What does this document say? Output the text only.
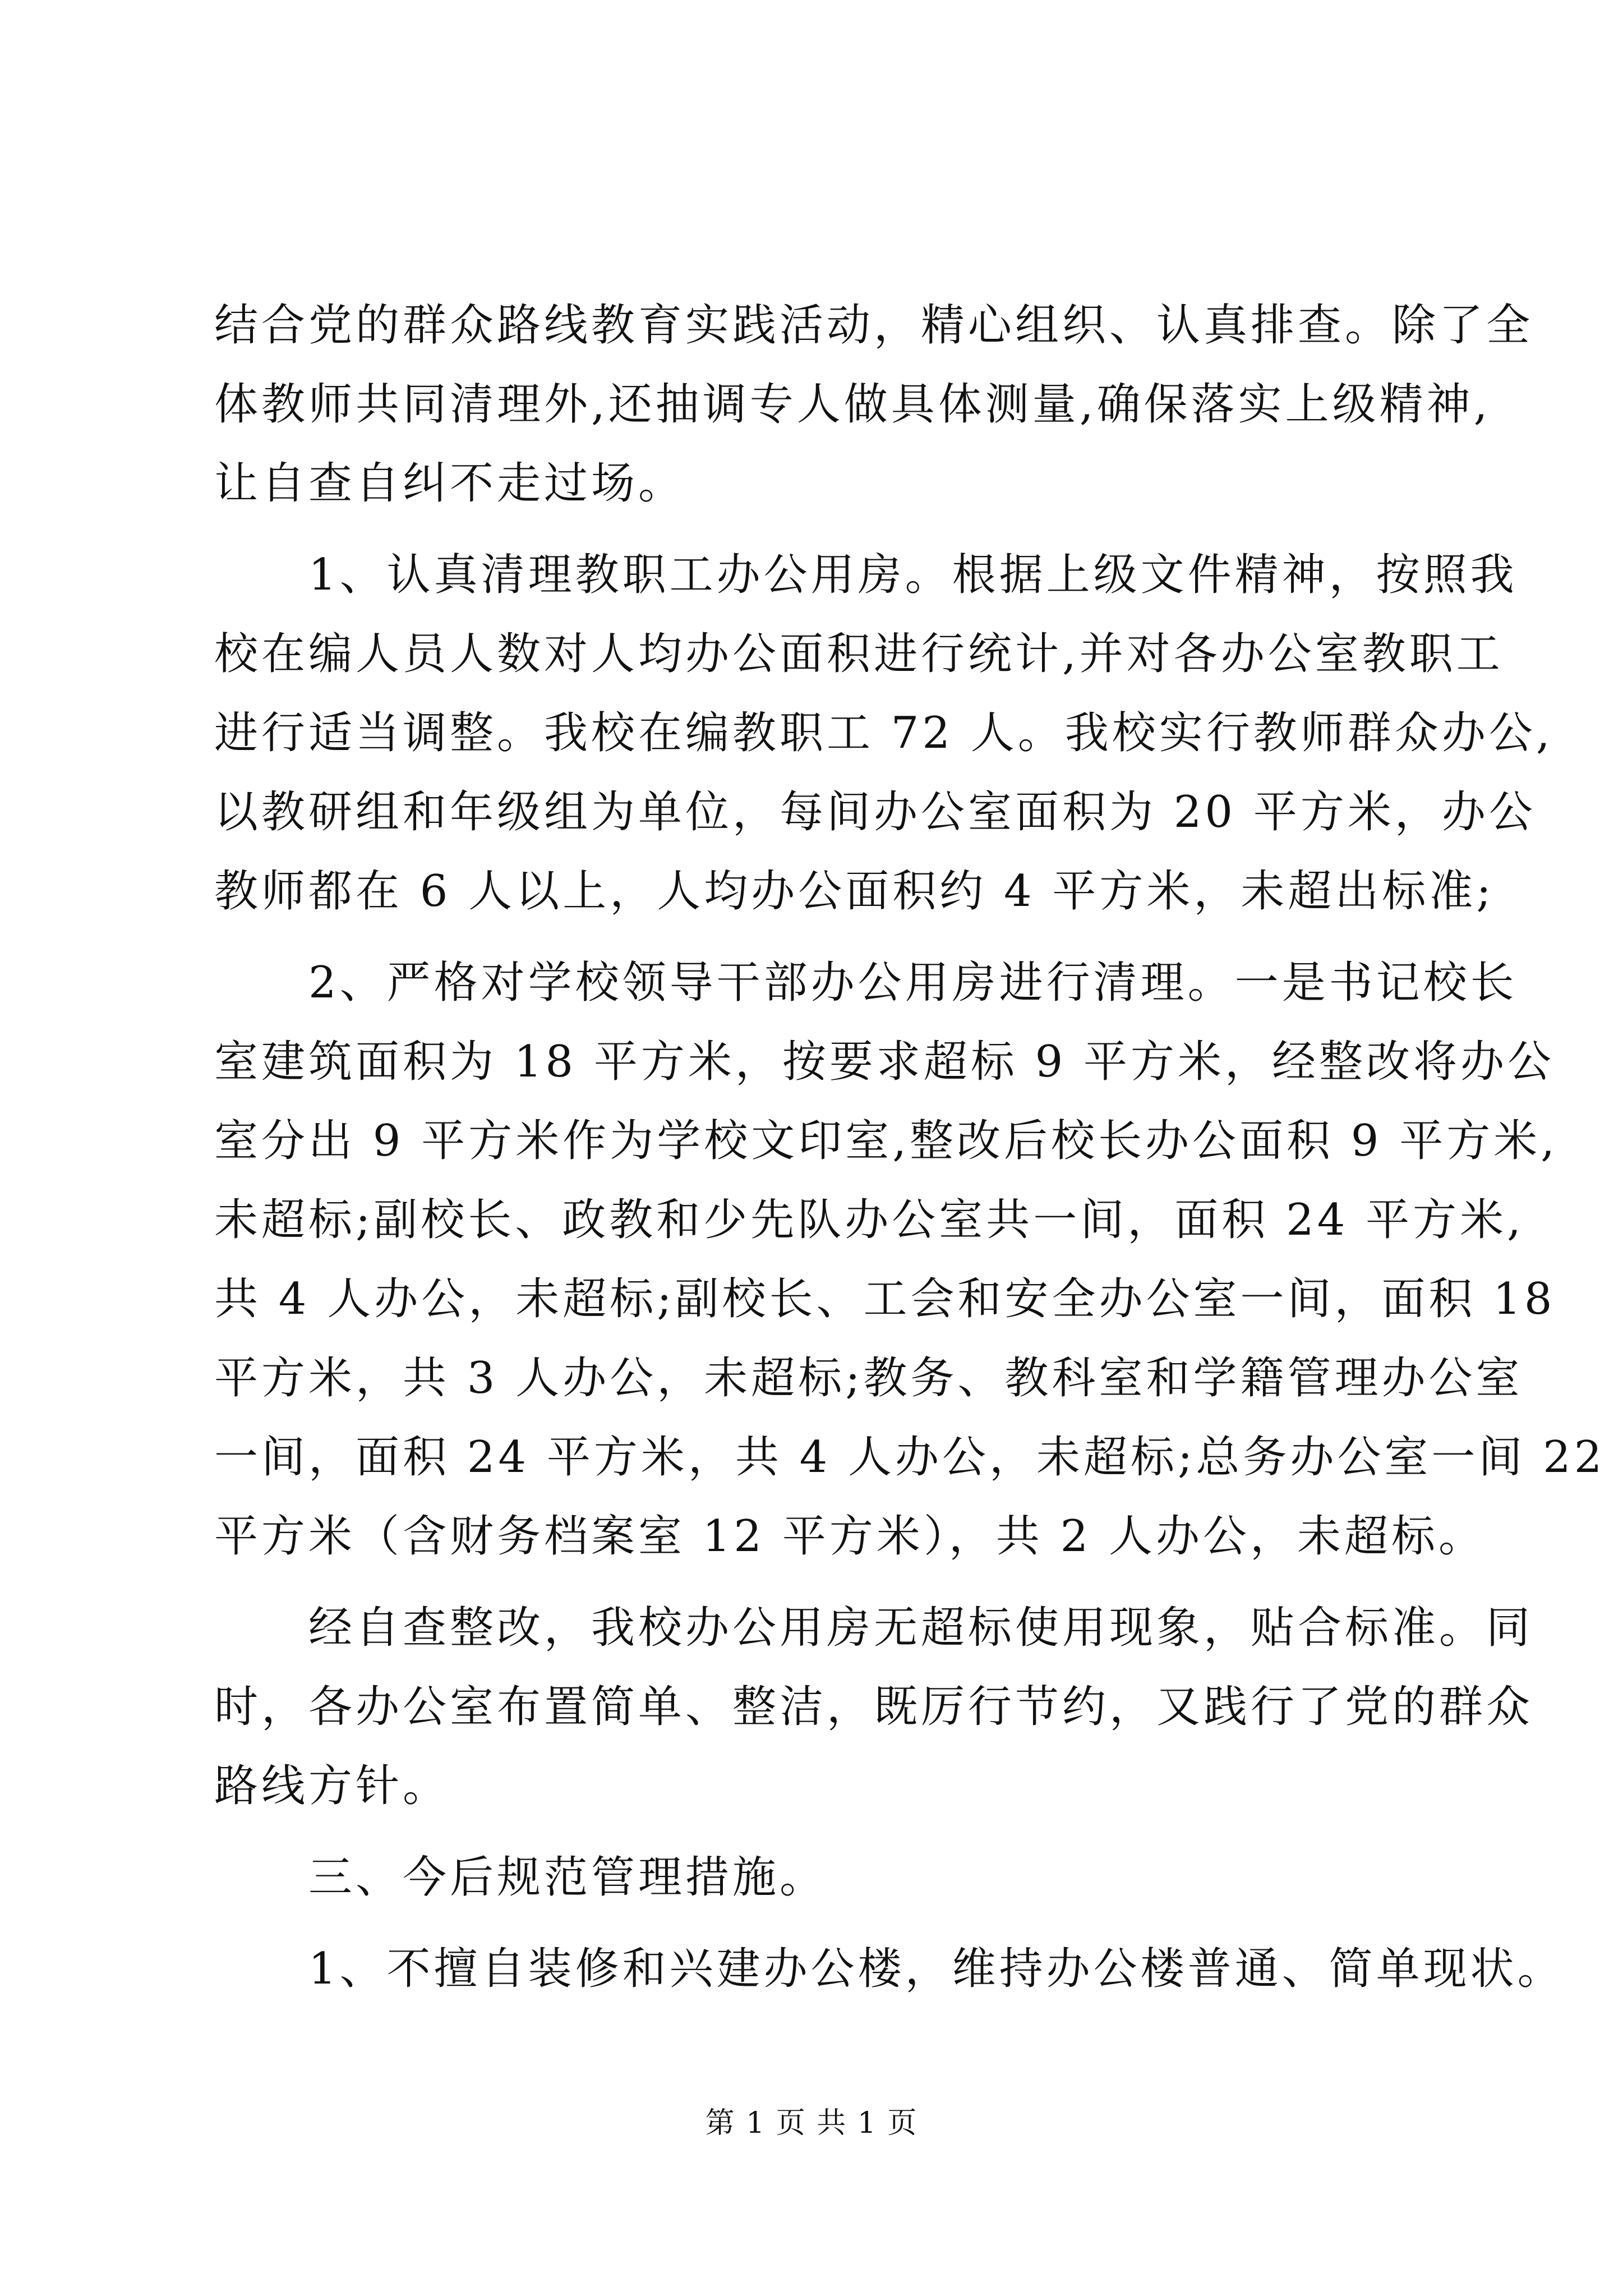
结合党的群众路线教育实践活动，精心组织、认真排查。除了全
体教师共同清理外,还抽调专人做具体测量,确保落实上级精神,
让自查自纠不走过场。

1、认真清理教职工办公用房。根据上级文件精神，按照我
校在编人员人数对人均办公面积进行统计,并对各办公室教职工
进行适当调整。我校在编教职工 72 人。我校实行教师群众办公,
以教研组和年级组为单位，每间办公室面积为 20 平方米，办公
教师都在 6 人以上，人均办公面积约 4 平方米，未超出标准;

2、严格对学校领导干部办公用房进行清理。一是书记校长
室建筑面积为 18 平方米，按要求超标 9 平方米，经整改将办公
室分出 9 平方米作为学校文印室,整改后校长办公面积 9 平方米,
未超标;副校长、政教和少先队办公室共一间，面积 24 平方米,
共 4 人办公，未超标;副校长、工会和安全办公室一间，面积 18
平方米，共 3 人办公，未超标;教务、教科室和学籍管理办公室
一间，面积 24 平方米，共 4 人办公，未超标;总务办公室一间 22
平方米（含财务档案室 12 平方米），共 2 人办公，未超标。

经自查整改，我校办公用房无超标使用现象，贴合标准。同
时，各办公室布置简单、整洁，既厉行节约，又践行了党的群众
路线方针。

三、今后规范管理措施。

1、不擅自装修和兴建办公楼，维持办公楼普通、简单现状。

第 1 页 共 1 页
